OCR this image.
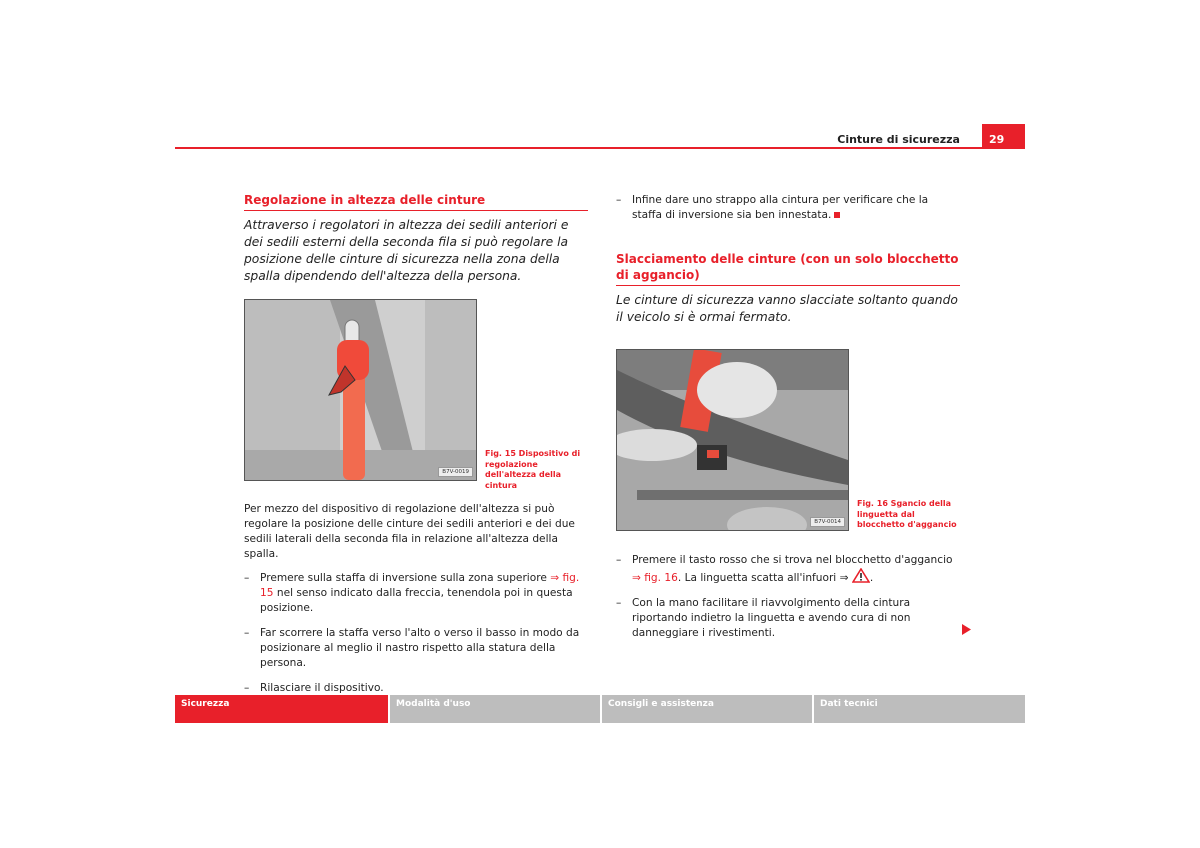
Cinture di sicurezza	29
Regolazione in altezza delle cinture

Attraverso i regolatori in altezza dei sedili anteriori e dei sedili esterni della seconda fila si può regolare la posizione delle cinture di sicurezza nella zona della spalla dipendendo dell'altezza della persona.

B7V-0019
Fig. 15 Dispositivo di regolazione dell'altezza della cintura

Per mezzo del dispositivo di regolazione dell'altezza si può regolare la posizione delle cinture dei sedili anteriori e dei due sedili laterali della seconda fila in relazione all'altezza della spalla.

– Premere sulla staffa di inversione sulla zona superiore ⇒ fig. 15 nel senso indicato dalla freccia, tenendola poi in questa posizione.

– Far scorrere la staffa verso l'alto o verso il basso in modo da posizionare al meglio il nastro rispetto alla statura della persona.

– Rilasciare il dispositivo.

– Infine dare uno strappo alla cintura per verificare che la staffa di inversione sia ben innestata.

Slacciamento delle cinture (con un solo blocchetto di aggancio)

Le cinture di sicurezza vanno slacciate soltanto quando il veicolo si è ormai fermato.

B7V-0014
Fig. 16 Sgancio della linguetta dal blocchetto d'aggancio

– Premere il tasto rosso che si trova nel blocchetto d'aggancio ⇒ fig. 16. La linguetta scatta all'infuori ⇒ .

– Con la mano facilitare il riavvolgimento della cintura riportando indietro la linguetta e avendo cura di non danneggiare i rivestimenti.

Sicurezza	Modalità d'uso	Consigli e assistenza	Dati tecnici
